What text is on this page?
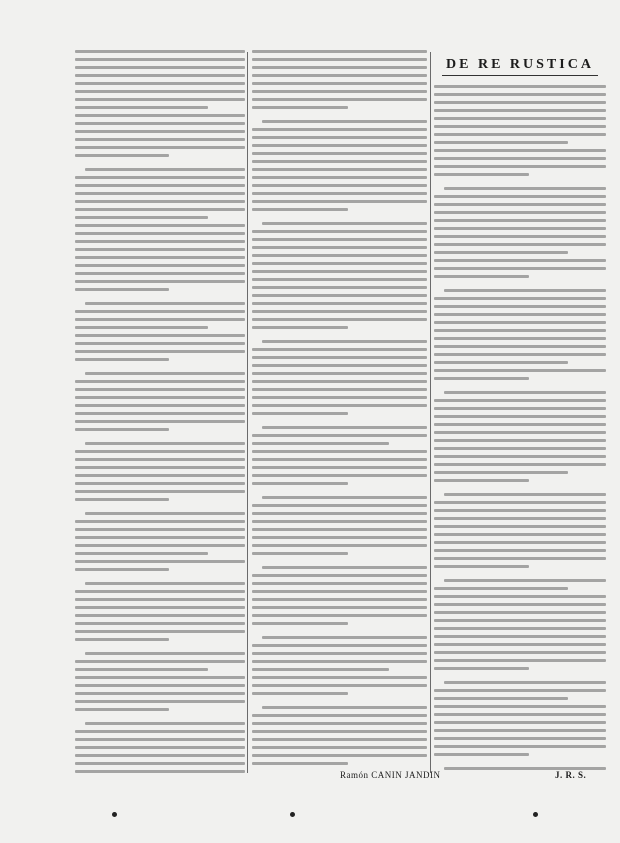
DE RE RUSTICA
Ramón CANIN JANDIN	J. R. S.
